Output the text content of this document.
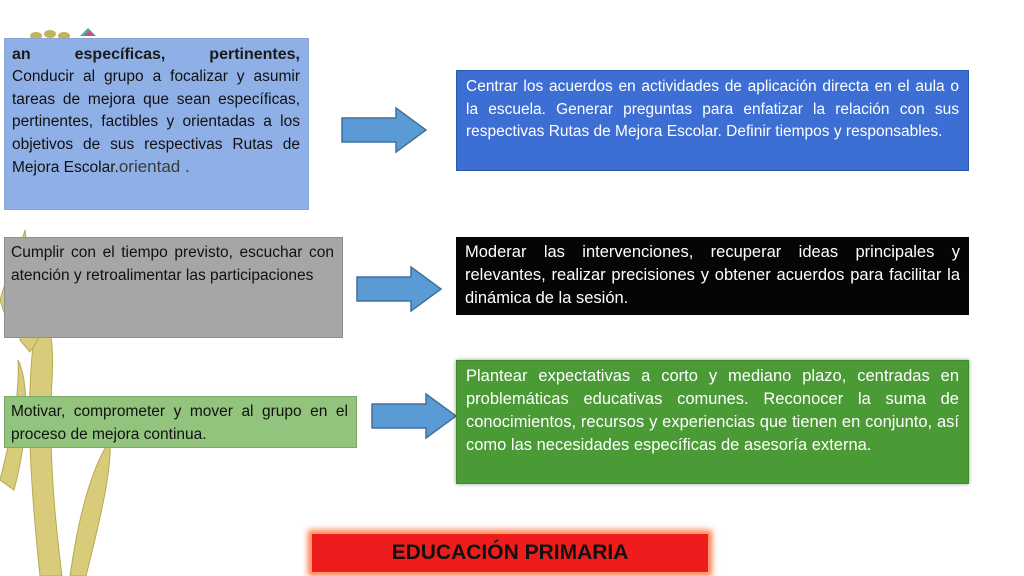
an específicas, pertinentes,
Conducir al grupo a focalizar y asumir tareas de mejora que sean específicas, pertinentes, factibles y orientadas a los objetivos de sus respectivas Rutas de Mejora Escolar.orientad .
Cumplir con el tiempo previsto, escuchar con atención y retroalimentar las participaciones
Motivar, comprometer y mover al grupo en el proceso de mejora continua.
Centrar los acuerdos en actividades de aplicación directa en el aula o la escuela. Generar preguntas para enfatizar la relación con sus respectivas Rutas de Mejora Escolar. Definir tiempos y responsables.
Moderar las intervenciones, recuperar ideas principales y relevantes, realizar precisiones y obtener acuerdos para facilitar la dinámica de la sesión.
Plantear expectativas a corto y mediano plazo, centradas en problemáticas educativas comunes. Reconocer la suma de conocimientos, recursos y experiencias que tienen en conjunto, así como las necesidades específicas de asesoría externa.
EDUCACIÓN PRIMARIA
